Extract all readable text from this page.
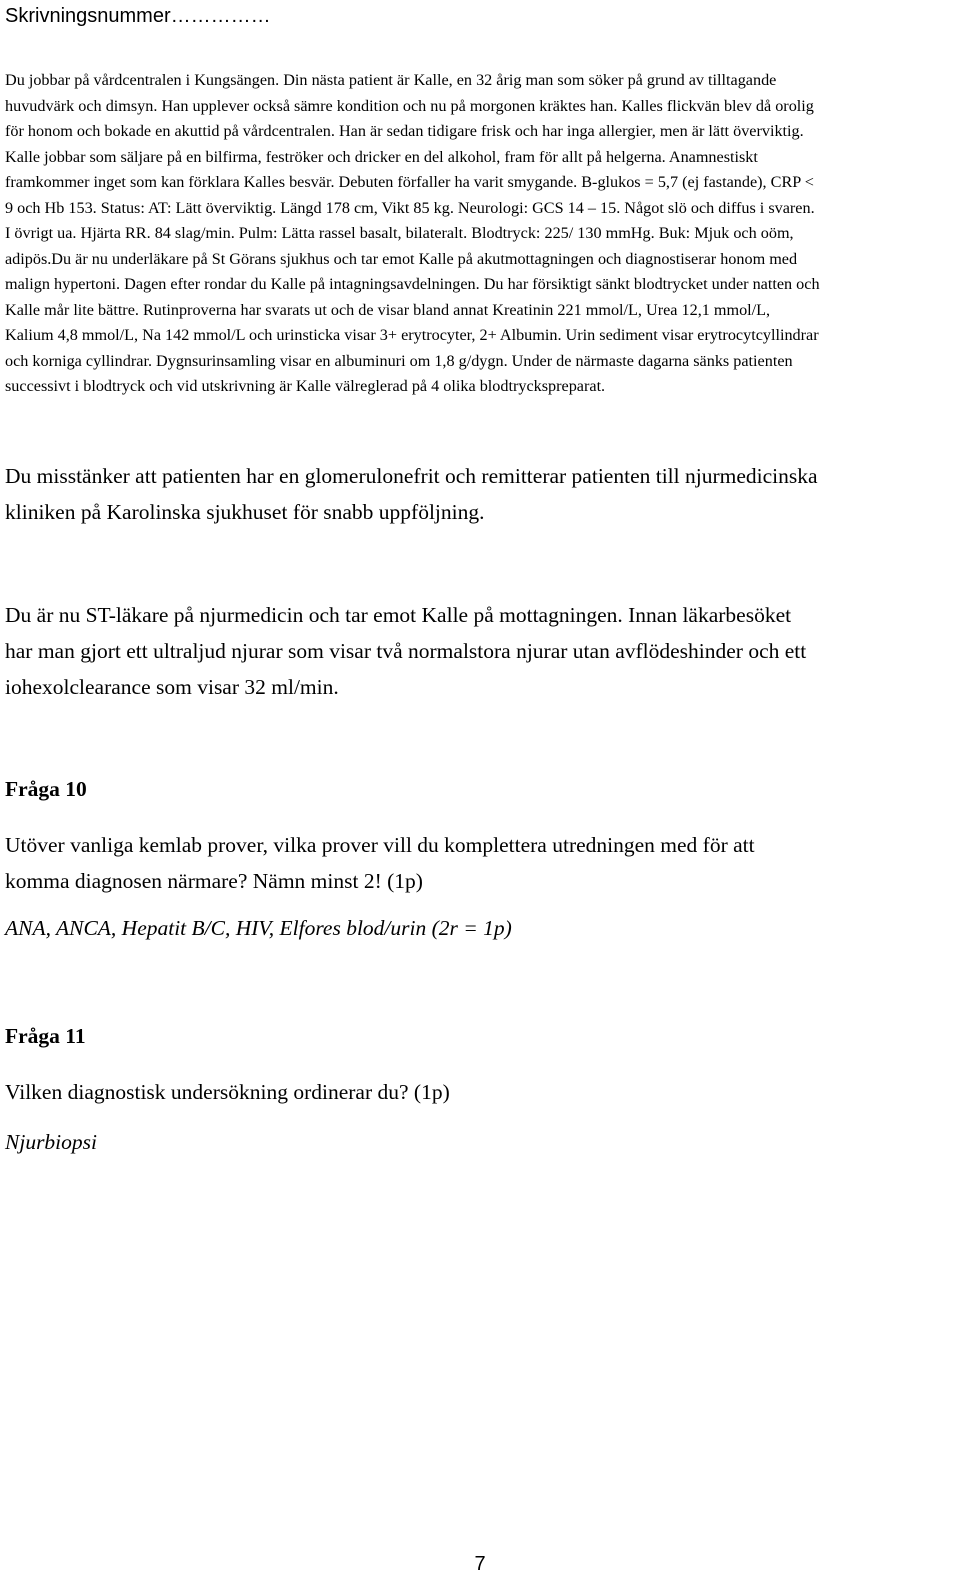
Skrivningsnummer……………
Du jobbar på vårdcentralen i Kungsängen. Din nästa patient är Kalle, en 32 årig man som söker på grund av tilltagande
huvudvärk och dimsyn. Han upplever också sämre kondition och nu på morgonen kräktes han. Kalles flickvän blev då orolig
för honom och bokade en akuttid på vårdcentralen. Han är sedan tidigare frisk och har inga allergier, men är lätt överviktig.
Kalle jobbar som säljare på en bilfirma, feströker och dricker en del alkohol, fram för allt på helgerna. Anamnestiskt
framkommer inget som kan förklara Kalles besvär. Debuten förfaller ha varit smygande. B-glukos = 5,7 (ej fastande), CRP <
9 och Hb 153. Status: AT: Lätt överviktig. Längd 178 cm, Vikt 85 kg. Neurologi: GCS 14 – 15. Något slö och diffus i svaren.
I övrigt ua. Hjärta RR. 84 slag/min. Pulm: Lätta rassel basalt, bilateralt. Blodtryck: 225/ 130 mmHg. Buk: Mjuk och oöm,
adipös.Du är nu underläkare på St Görans sjukhus och tar emot Kalle på akutmottagningen och diagnostiserar honom med
malign hypertoni. Dagen efter rondar du Kalle på intagningsavdelningen. Du har försiktigt sänkt blodtrycket under natten och
Kalle mår lite bättre. Rutinproverna har svarats ut och de visar bland annat Kreatinin 221 mmol/L, Urea 12,1 mmol/L,
Kalium 4,8 mmol/L, Na 142 mmol/L och urinsticka visar 3+ erytrocyter, 2+ Albumin. Urin sediment visar erytrocytcyllindrar
och korniga cyllindrar. Dygnsurinsamling visar en albuminuri om 1,8 g/dygn. Under de närmaste dagarna sänks patienten
successivt i blodtryck och vid utskrivning är Kalle välreglerad på 4 olika blodtryckspreparat.
Du misstänker att patienten har en glomerulonefrit och remitterar patienten till njurmedicinska
kliniken på Karolinska sjukhuset för snabb uppföljning.
Du är nu ST-läkare på njurmedicin och tar emot Kalle på mottagningen. Innan läkarbesöket
har man gjort ett ultraljud njurar som visar två normalstora njurar utan avflödeshinder och ett
iohexolclearance som visar 32 ml/min.
Fråga 10
Utöver vanliga kemlab prover, vilka prover vill du komplettera utredningen med för att
komma diagnosen närmare? Nämn minst 2! (1p)
ANA, ANCA, Hepatit B/C, HIV, Elfores blod/urin (2r = 1p)
Fråga 11
Vilken diagnostisk undersökning ordinerar du? (1p)
Njurbiopsi
7
